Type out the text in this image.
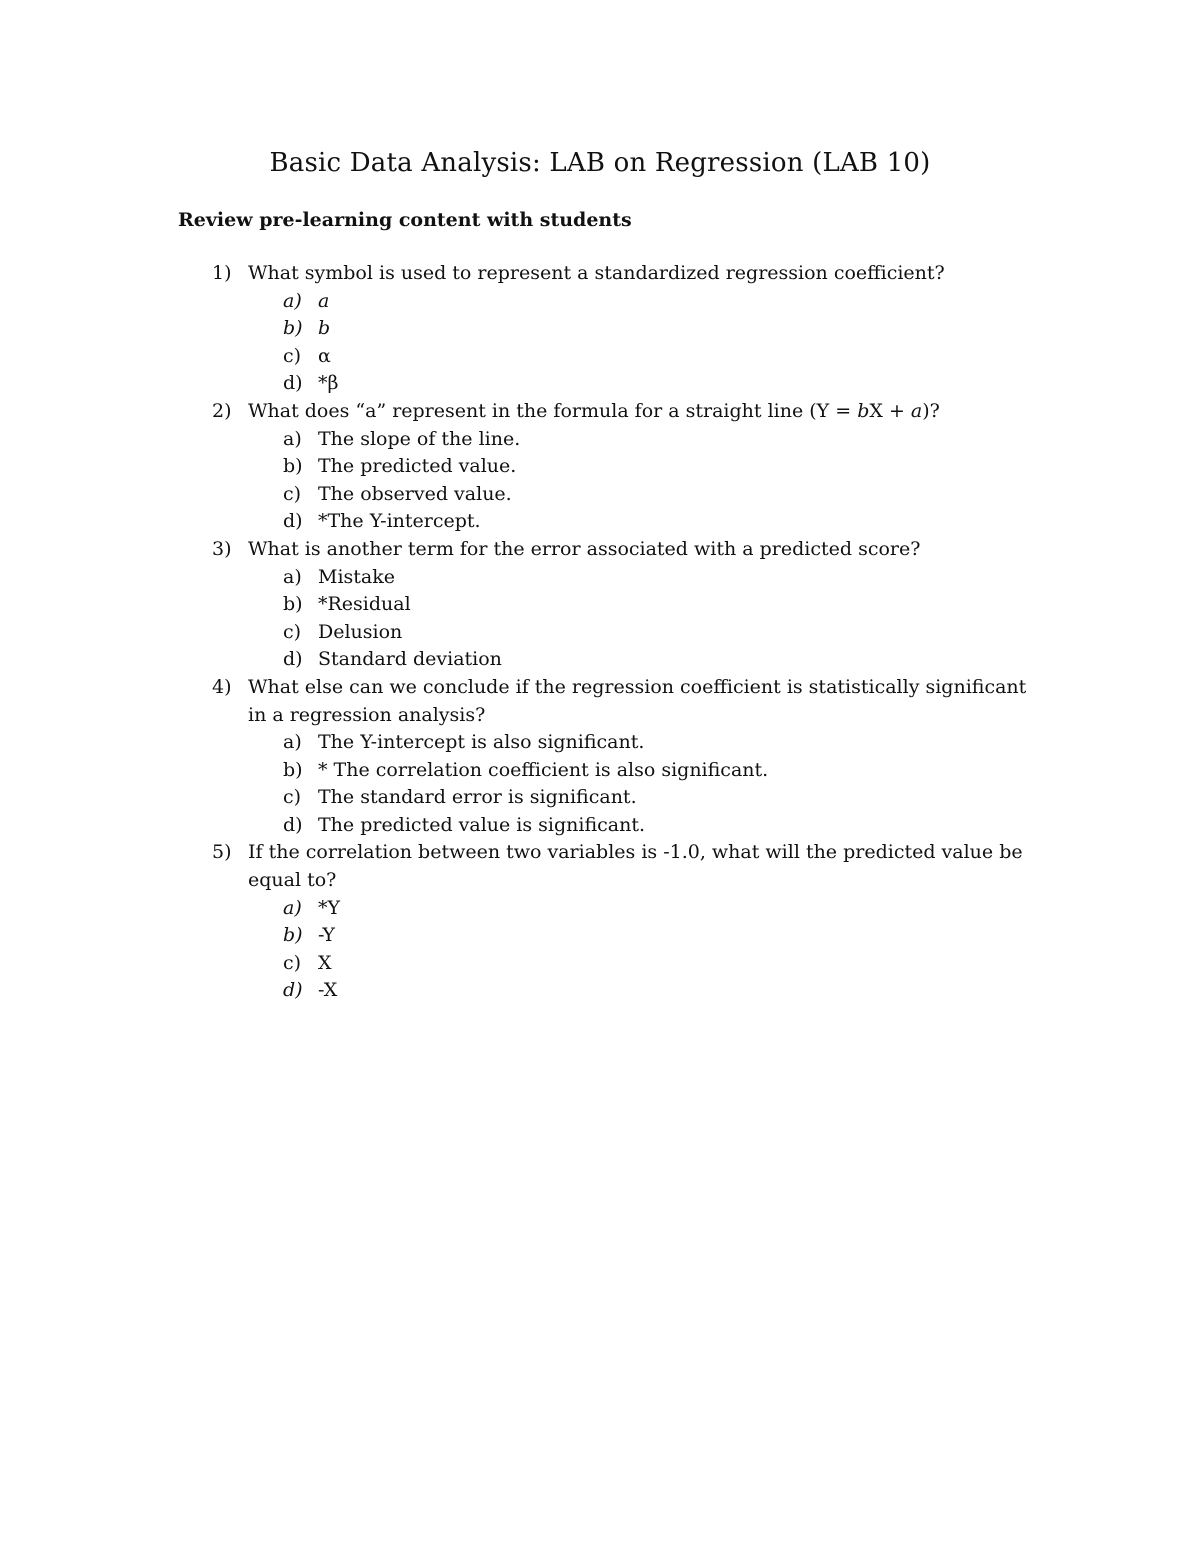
Basic Data Analysis: LAB on Regression (LAB 10)
Review pre-learning content with students
1) What symbol is used to represent a standardized regression coefficient?
a) a
b) b
c) α
d) *β
2) What does “a” represent in the formula for a straight line (Y = bX + a)?
a) The slope of the line.
b) The predicted value.
c) The observed value.
d) *The Y-intercept.
3) What is another term for the error associated with a predicted score?
a) Mistake
b) *Residual
c) Delusion
d) Standard deviation
4) What else can we conclude if the regression coefficient is statistically significant in a regression analysis?
a) The Y-intercept is also significant.
b) * The correlation coefficient is also significant.
c) The standard error is significant.
d) The predicted value is significant.
5) If the correlation between two variables is -1.0, what will the predicted value be equal to?
a) *Y
b) -Y
c) X
d) -X
